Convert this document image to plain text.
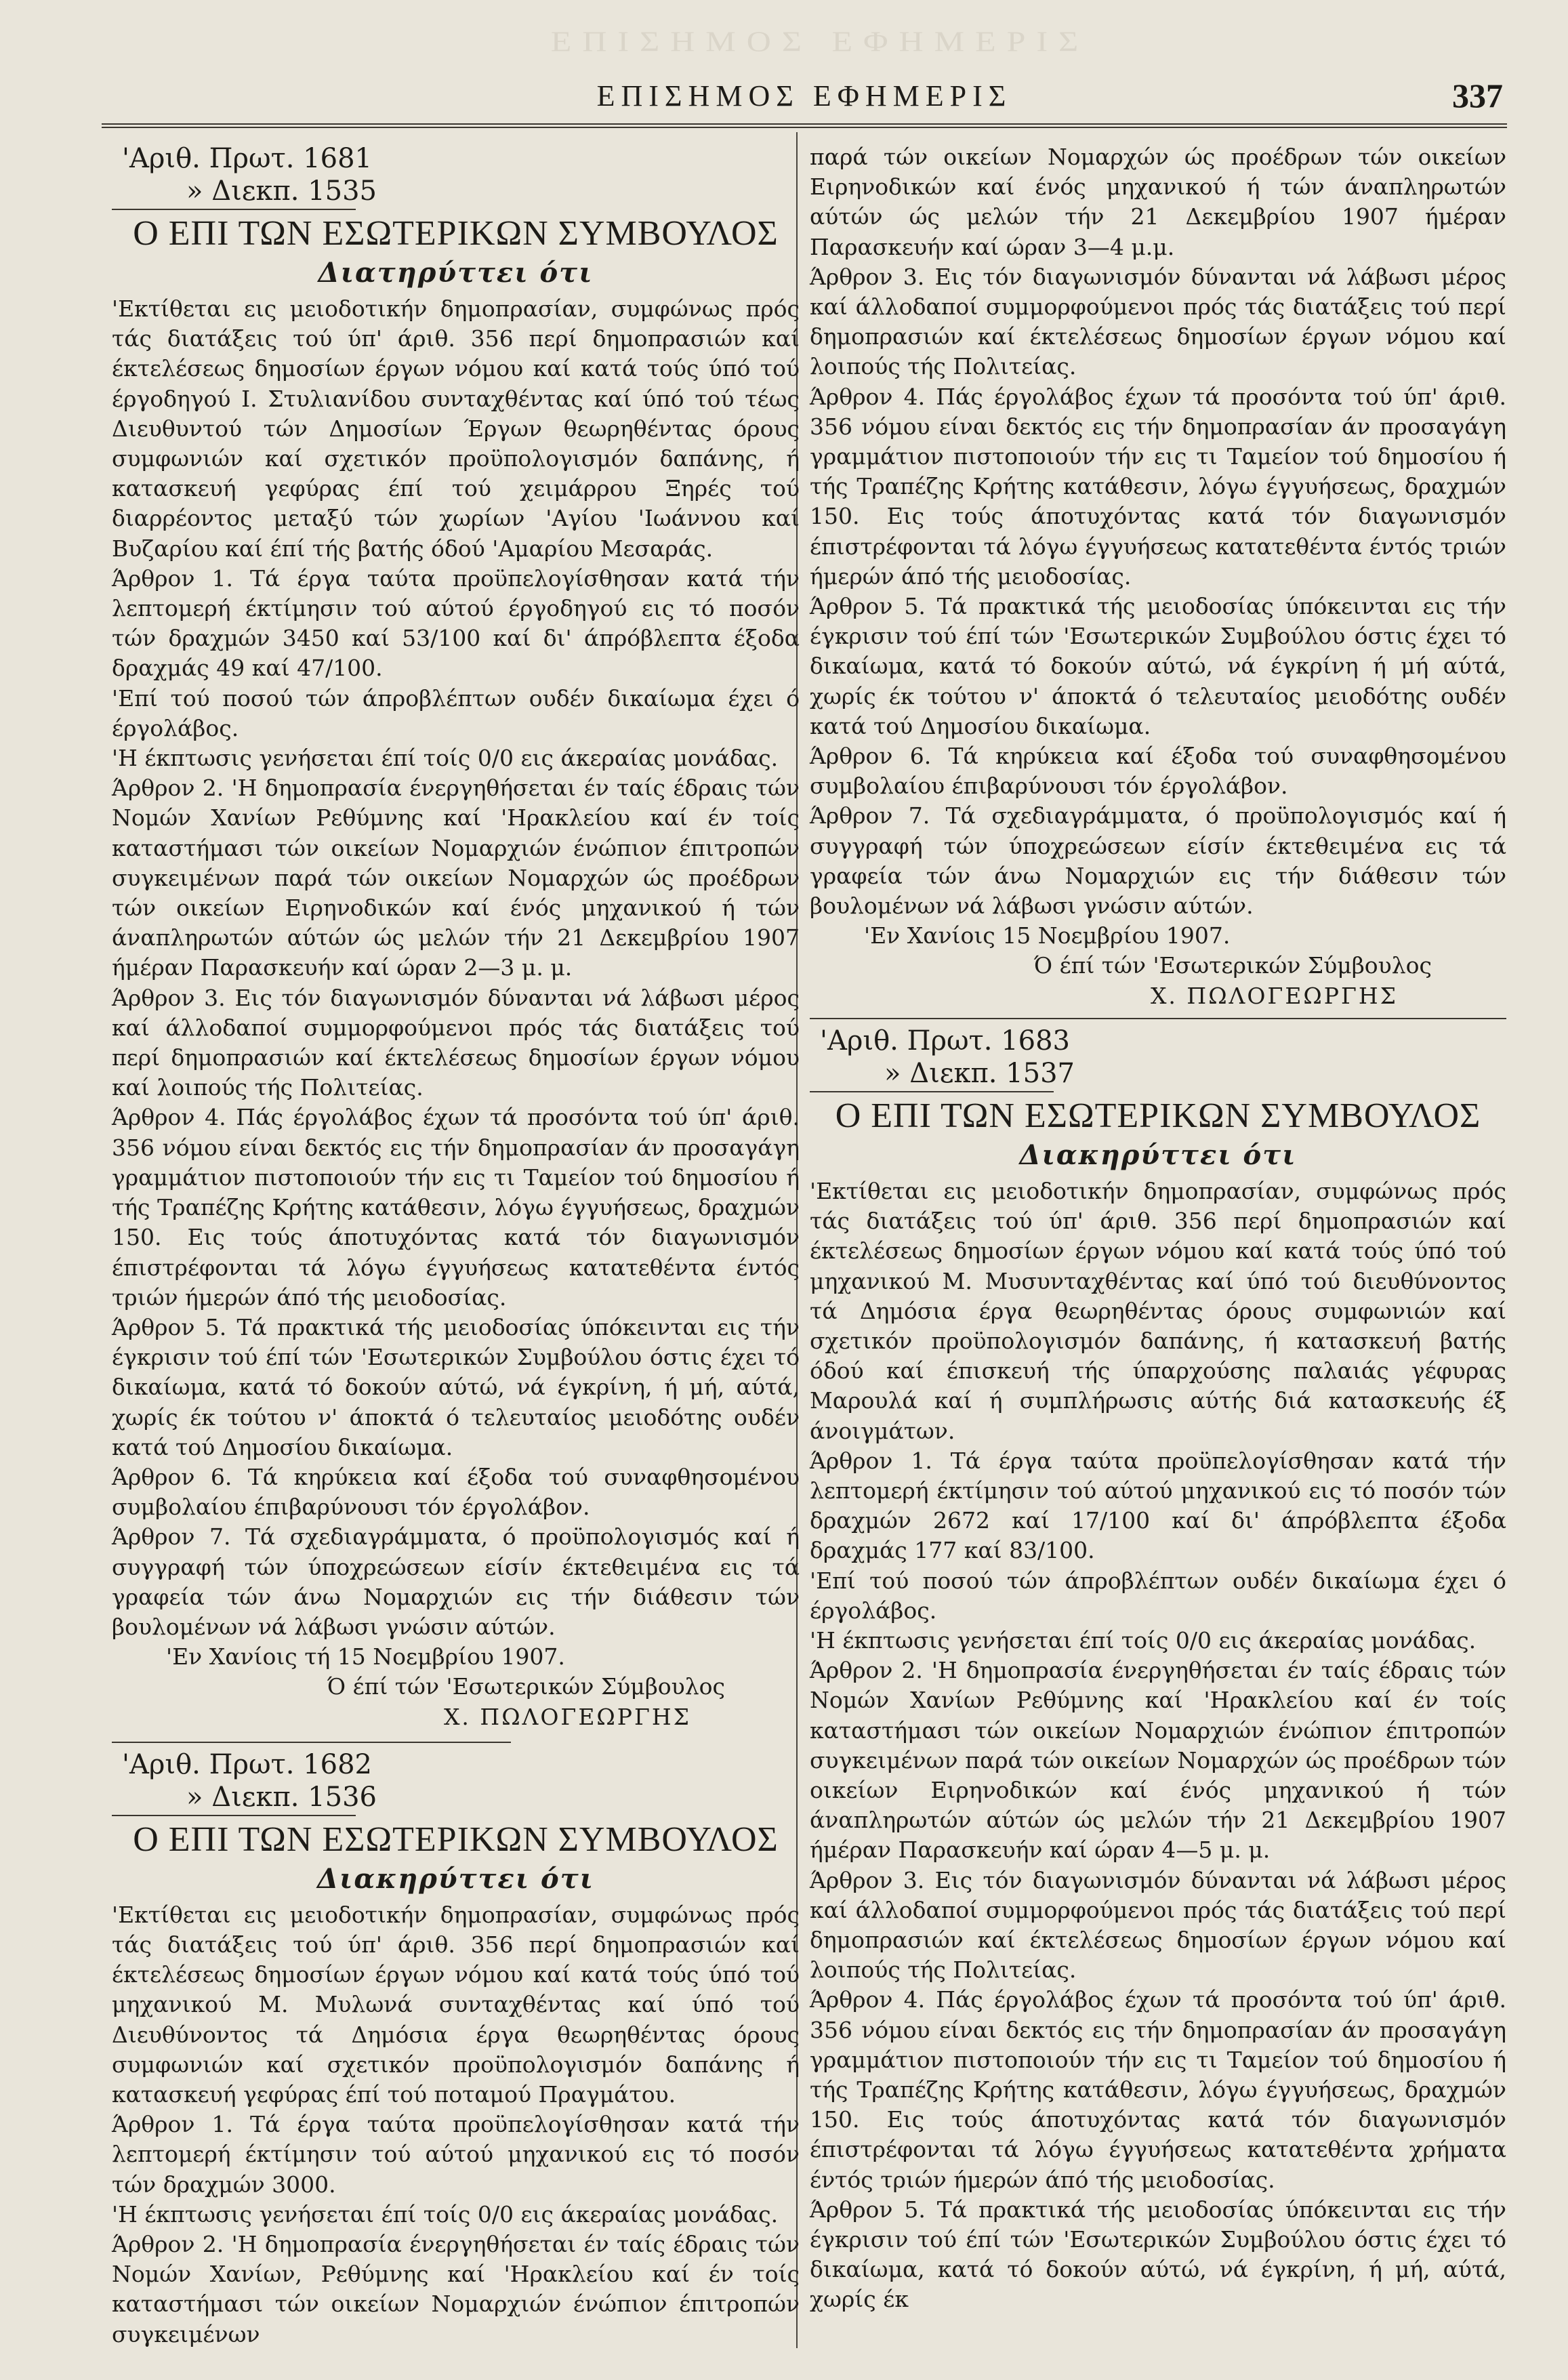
ΕΠΙΣΗΜΟΣ ΕΦΗΜΕΡΙΣ
ΕΠΙΣΗΜΟΣ ΕΦΗΜΕΡΙΣ	337
'Αριθ. Πρωτ. 1681
» Διεκπ. 1535
Ο ΕΠΙ ΤΩΝ ΕΣΩΤΕΡΙΚΩΝ ΣΥΜΒΟΥΛΟΣ
Διατηρύττει ότι

'Εκτίθεται εις μειοδοτικήν δημοπρασίαν, συμφώνως πρός τάς διατάξεις τού ύπ' άριθ. 356 περί δημοπρασιών καί έκτελέσεως δημοσίων έργων νόμου καί κατά τούς ύπό τού έργοδηγού Ι. Στυλιανίδου συνταχθέντας καί ύπό τού τέως Διευθυντού τών Δημοσίων Έργων θεωρηθέντας όρους συμφωνιών καί σχετικόν προϋπολογισμόν δαπάνης, ή κατασκευή γεφύρας έπί τού χειμάρρου Ξηρές τού διαρρέοντος μεταξύ τών χωρίων 'Αγίου 'Ιωάννου καί Βυζαρίου καί έπί τής βατής όδού 'Αμαρίου Μεσαράς.

Άρθρον 1. Τά έργα ταύτα προϋπελογίσθησαν κατά τήν λεπτομερή έκτίμησιν τού αύτού έργοδηγού εις τό ποσόν τών δραχμών 3450 καί 53/100 καί δι' άπρόβλεπτα έξοδα δραχμάς 49 καί 47/100.

'Επί τού ποσού τών άπροβλέπτων ουδέν δικαίωμα έχει ό έργολάβος.

'Η έκπτωσις γενήσεται έπί τοίς 0/0 εις άκεραίας μονάδας.

Άρθρον 2. 'Η δημοπρασία ένεργηθήσεται έν ταίς έδραις τών Νομών Χανίων Ρεθύμνης καί 'Ηρακλείου καί έν τοίς καταστήμασι τών οικείων Νομαρχιών ένώπιον έπιτροπών συγκειμένων παρά τών οικείων Νομαρχών ώς προέδρων τών οικείων Ειρηνοδικών καί ένός μηχανικού ή τών άναπληρωτών αύτών ώς μελών τήν 21 Δεκεμβρίου 1907 ήμέραν Παρασκευήν καί ώραν 2—3 μ. μ.

Άρθρον 3. Εις τόν διαγωνισμόν δύνανται νά λάβωσι μέρος καί άλλοδαποί συμμορφούμενοι πρός τάς διατάξεις τού περί δημοπρασιών καί έκτελέσεως δημοσίων έργων νόμου καί λοιπούς τής Πολιτείας.

Άρθρον 4. Πάς έργολάβος έχων τά προσόντα τού ύπ' άριθ. 356 νόμου είναι δεκτός εις τήν δημοπρασίαν άν προσαγάγη γραμμάτιον πιστοποιούν τήν εις τι Ταμείον τού δημοσίου ή τής Τραπέζης Κρήτης κατάθεσιν, λόγω έγγυήσεως, δραχμών 150. Εις τούς άποτυχόντας κατά τόν διαγωνισμόν έπιστρέφονται τά λόγω έγγυήσεως κατατεθέντα έντός τριών ήμερών άπό τής μειοδοσίας.

Άρθρον 5. Τά πρακτικά τής μειοδοσίας ύπόκεινται εις τήν έγκρισιν τού έπί τών 'Εσωτερικών Συμβούλου όστις έχει τό δικαίωμα, κατά τό δοκούν αύτώ, νά έγκρίνη, ή μή, αύτά, χωρίς έκ τούτου ν' άποκτά ό τελευταίος μειοδότης ουδέν κατά τού Δημοσίου δικαίωμα.

Άρθρον 6. Τά κηρύκεια καί έξοδα τού συναφθησομένου συμβολαίου έπιβαρύνουσι τόν έργολάβον.

Άρθρον 7. Τά σχεδιαγράμματα, ό προϋπολογισμός καί ή συγγραφή τών ύποχρεώσεων είσίν έκτεθειμένα εις τά γραφεία τών άνω Νομαρχιών εις τήν διάθεσιν τών βουλομένων νά λάβωσι γνώσιν αύτών.

'Εν Χανίοις τή 15 Νοεμβρίου 1907.

Ό έπί τών 'Εσωτερικών Σύμβουλος

Χ. ΠΩΛΟΓΕΩΡΓΗΣ

'Αριθ. Πρωτ. 1682
» Διεκπ. 1536
Ο ΕΠΙ ΤΩΝ ΕΣΩΤΕΡΙΚΩΝ ΣΥΜΒΟΥΛΟΣ
Διακηρύττει ότι

'Εκτίθεται εις μειοδοτικήν δημοπρασίαν, συμφώνως πρός τάς διατάξεις τού ύπ' άριθ. 356 περί δημοπρασιών καί έκτελέσεως δημοσίων έργων νόμου καί κατά τούς ύπό τού μηχανικού Μ. Μυλωνά συνταχθέντας καί ύπό τού Διευθύνοντος τά Δημόσια έργα θεωρηθέντας όρους συμφωνιών καί σχετικόν προϋπολογισμόν δαπάνης ή κατασκευή γεφύρας έπί τού ποταμού Πραγμάτου.

Άρθρον 1. Τά έργα ταύτα προϋπελογίσθησαν κατά τήν λεπτομερή έκτίμησιν τού αύτού μηχανικού εις τό ποσόν τών δραχμών 3000.

'Η έκπτωσις γενήσεται έπί τοίς 0/0 εις άκεραίας μονάδας.

Άρθρον 2. 'Η δημοπρασία ένεργηθήσεται έν ταίς έδραις τών Νομών Χανίων, Ρεθύμνης καί 'Ηρακλείου καί έν τοίς καταστήμασι τών οικείων Νομαρχιών ένώπιον έπιτροπών συγκειμένων

παρά τών οικείων Νομαρχών ώς προέδρων τών οικείων Ειρηνοδικών καί ένός μηχανικού ή τών άναπληρωτών αύτών ώς μελών τήν 21 Δεκεμβρίου 1907 ήμέραν Παρασκευήν καί ώραν 3—4 μ.μ.

Άρθρον 3. Εις τόν διαγωνισμόν δύνανται νά λάβωσι μέρος καί άλλοδαποί συμμορφούμενοι πρός τάς διατάξεις τού περί δημοπρασιών καί έκτελέσεως δημοσίων έργων νόμου καί λοιπούς τής Πολιτείας.

Άρθρον 4. Πάς έργολάβος έχων τά προσόντα τού ύπ' άριθ. 356 νόμου είναι δεκτός εις τήν δημοπρασίαν άν προσαγάγη γραμμάτιον πιστοποιούν τήν εις τι Ταμείον τού δημοσίου ή τής Τραπέζης Κρήτης κατάθεσιν, λόγω έγγυήσεως, δραχμών 150. Εις τούς άποτυχόντας κατά τόν διαγωνισμόν έπιστρέφονται τά λόγω έγγυήσεως κατατεθέντα έντός τριών ήμερών άπό τής μειοδοσίας.

Άρθρον 5. Τά πρακτικά τής μειοδοσίας ύπόκεινται εις τήν έγκρισιν τού έπί τών 'Εσωτερικών Συμβούλου όστις έχει τό δικαίωμα, κατά τό δοκούν αύτώ, νά έγκρίνη ή μή αύτά, χωρίς έκ τούτου ν' άποκτά ό τελευταίος μειοδότης ουδέν κατά τού Δημοσίου δικαίωμα.

Άρθρον 6. Τά κηρύκεια καί έξοδα τού συναφθησομένου συμβολαίου έπιβαρύνουσι τόν έργολάβον.

Άρθρον 7. Τά σχεδιαγράμματα, ό προϋπολογισμός καί ή συγγραφή τών ύποχρεώσεων είσίν έκτεθειμένα εις τά γραφεία τών άνω Νομαρχιών εις τήν διάθεσιν τών βουλομένων νά λάβωσι γνώσιν αύτών.

'Εν Χανίοις 15 Νοεμβρίου 1907.

Ό έπί τών 'Εσωτερικών Σύμβουλος

Χ. ΠΩΛΟΓΕΩΡΓΗΣ

'Αριθ. Πρωτ. 1683
» Διεκπ. 1537
Ο ΕΠΙ ΤΩΝ ΕΣΩΤΕΡΙΚΩΝ ΣΥΜΒΟΥΛΟΣ
Διακηρύττει ότι

'Εκτίθεται εις μειοδοτικήν δημοπρασίαν, συμφώνως πρός τάς διατάξεις τού ύπ' άριθ. 356 περί δημοπρασιών καί έκτελέσεως δημοσίων έργων νόμου καί κατά τούς ύπό τού μηχανικού Μ. Μυσυνταχθέντας καί ύπό τού διευθύνοντος τά Δημόσια έργα θεωρηθέντας όρους συμφωνιών καί σχετικόν προϋπολογισμόν δαπάνης, ή κατασκευή βατής όδού καί έπισκευή τής ύπαρχούσης παλαιάς γέφυρας Μαρουλά καί ή συμπλήρωσις αύτής διά κατασκευής έξ άνοιγμάτων.

Άρθρον 1. Τά έργα ταύτα προϋπελογίσθησαν κατά τήν λεπτομερή έκτίμησιν τού αύτού μηχανικού εις τό ποσόν τών δραχμών 2672 καί 17/100 καί δι' άπρόβλεπτα έξοδα δραχμάς 177 καί 83/100.

'Επί τού ποσού τών άπροβλέπτων ουδέν δικαίωμα έχει ό έργολάβος.

'Η έκπτωσις γενήσεται έπί τοίς 0/0 εις άκεραίας μονάδας.

Άρθρον 2. 'Η δημοπρασία ένεργηθήσεται έν ταίς έδραις τών Νομών Χανίων Ρεθύμνης καί 'Ηρακλείου καί έν τοίς καταστήμασι τών οικείων Νομαρχιών ένώπιον έπιτροπών συγκειμένων παρά τών οικείων Νομαρχών ώς προέδρων τών οικείων Ειρηνοδικών καί ένός μηχανικού ή τών άναπληρωτών αύτών ώς μελών τήν 21 Δεκεμβρίου 1907 ήμέραν Παρασκευήν καί ώραν 4—5 μ. μ.

Άρθρον 3. Εις τόν διαγωνισμόν δύνανται νά λάβωσι μέρος καί άλλοδαποί συμμορφούμενοι πρός τάς διατάξεις τού περί δημοπρασιών καί έκτελέσεως δημοσίων έργων νόμου καί λοιπούς τής Πολιτείας.

Άρθρον 4. Πάς έργολάβος έχων τά προσόντα τού ύπ' άριθ. 356 νόμου είναι δεκτός εις τήν δημοπρασίαν άν προσαγάγη γραμμάτιον πιστοποιούν τήν εις τι Ταμείον τού δημοσίου ή τής Τραπέζης Κρήτης κατάθεσιν, λόγω έγγυήσεως, δραχμών 150. Εις τούς άποτυχόντας κατά τόν διαγωνισμόν έπιστρέφονται τά λόγω έγγυήσεως κατατεθέντα χρήματα έντός τριών ήμερών άπό τής μειοδοσίας.

Άρθρον 5. Τά πρακτικά τής μειοδοσίας ύπόκεινται εις τήν έγκρισιν τού έπί τών 'Εσωτερικών Συμβούλου όστις έχει τό δικαίωμα, κατά τό δοκούν αύτώ, νά έγκρίνη, ή μή, αύτά, χωρίς έκ
